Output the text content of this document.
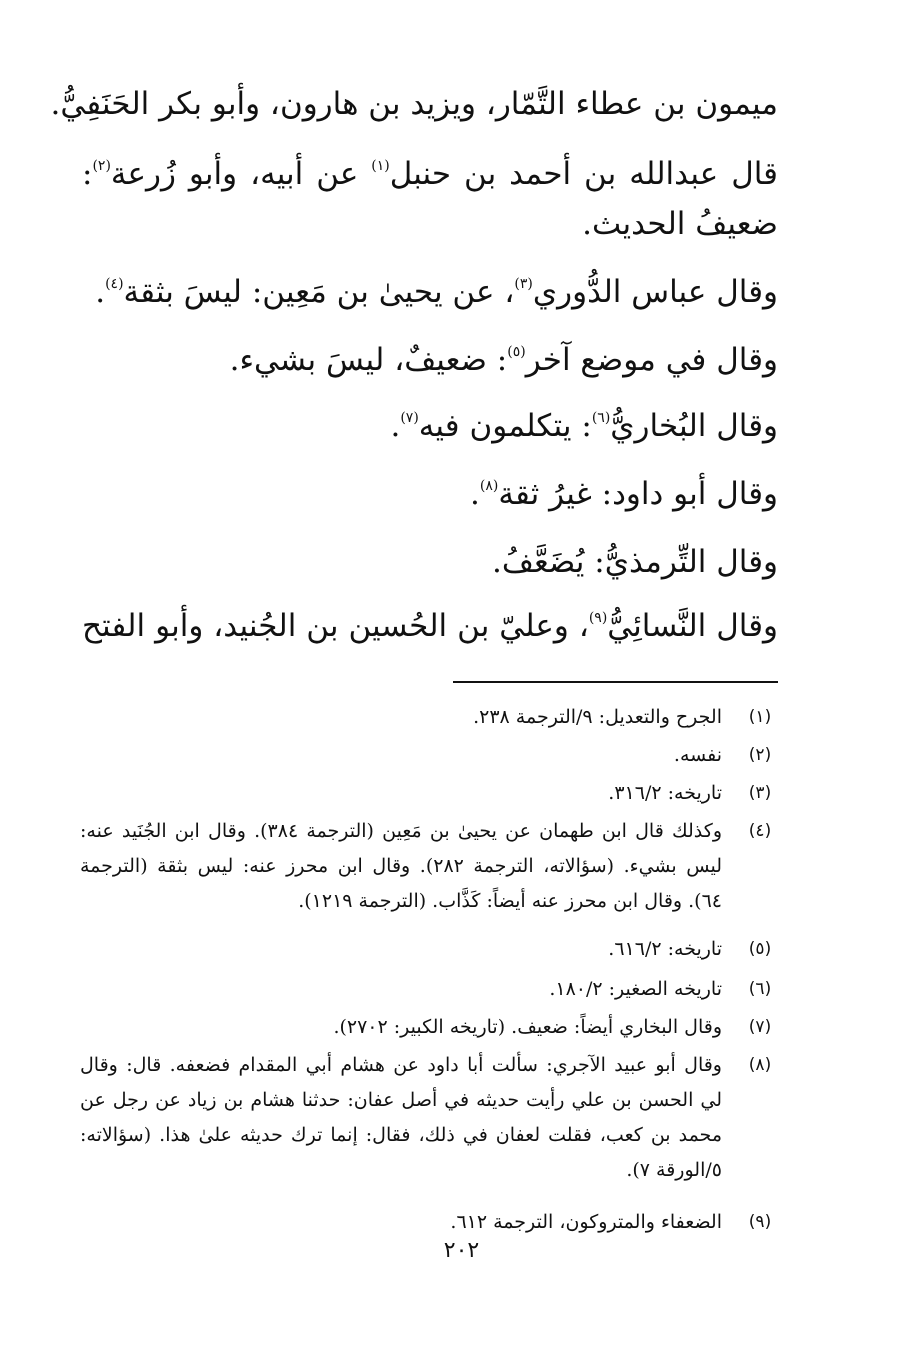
ميمون بن عطاء التَّمّار، ويزيد بن هارون، وأبو بكر الحَنَفِيُّ.
قال عبدالله بن أحمد بن حنبل$^{(١)}$ عن أبيه، وأبو زُرعة$^{(٢)}$:
ضعيفُ الحديث.
وقال عباس الدُّوري$^{(٣)}$، عن يحيىٰ بن مَعِين: ليسَ بثقة$^{(٤)}$.
وقال في موضع آخر$^{(٥)}$: ضعيفٌ، ليسَ بشيء.
وقال البُخاريُّ$^{(٦)}$: يتكلمون فيه$^{(٧)}$.
وقال أبو داود: غيرُ ثقة$^{(٨)}$.
وقال التِّرمذيُّ: يُضَعَّفُ.
وقال النَّسائِيُّ$^{(٩)}$، وعليّ بن الحُسين بن الجُنيد، وأبو الفتح
(١)
الجرح والتعديل: ٩/الترجمة ٢٣٨.
(٢)
نفسه.
(٣)
تاريخه: ٣١٦/٢.
(٤)
وكذلك قال ابن طهمان عن يحيىٰ بن مَعِين (الترجمة ٣٨٤). وقال ابن الجُنَيد عنه:
ليس بشيء. (سؤالاته، الترجمة ٢٨٢). وقال ابن محرز عنه: ليس بثقة (الترجمة
٦٤). وقال ابن محرز عنه أيضاً: كَذَّاب. (الترجمة ١٢١٩).
(٥)
تاريخه: ٦١٦/٢.
(٦)
تاريخه الصغير: ١٨٠/٢.
(٧)
وقال البخاري أيضاً: ضعيف. (تاريخه الكبير: ٢٧٠٢).
(٨)
وقال أبو عبيد الآجري: سألت أبا داود عن هشام أبي المقدام فضعفه. قال: وقال
لي الحسن بن علي رأيت حديثه في أصل عفان: حدثنا هشام بن زياد عن رجل عن
محمد بن كعب، فقلت لعفان في ذلك، فقال: إنما ترك حديثه علىٰ هذا. (سؤالاته:
٥/الورقة ٧).
(٩)
الضعفاء والمتروكون، الترجمة ٦١٢.
٢٠٢
